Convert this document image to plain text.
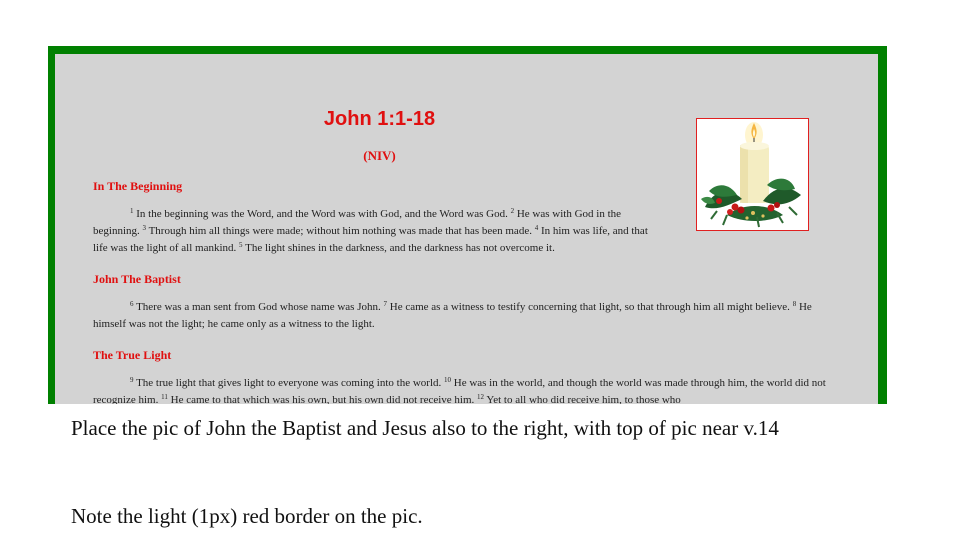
John 1:1-18
(NIV)
In The Beginning

$^1$ In the beginning was the Word, and the Word was with God, and the Word was God. $^2$ He was with God in the beginning. $^3$ Through him all things were made; without him nothing was made that has been made. $^4$ In him was life, and that life was the light of all mankind. $^5$ The light shines in the darkness, and the darkness has not overcome it.

John The Baptist

$^6$ There was a man sent from God whose name was John. $^7$ He came as a witness to testify concerning that light, so that through him all might believe. $^8$ He himself was not the light; he came only as a witness to the light.

The True Light

$^9$ The true light that gives light to everyone was coming into the world. $^{10}$ He was in the world, and though the world was made through him, the world did not recognize him. $^{11}$ He came to that which was his own, but his own did not receive him. $^{12}$ Yet to all who did receive him, to those who

Place the pic of John the Baptist and Jesus also to the right, with top of pic near v.14

Note the light (1px) red border on the pic.
